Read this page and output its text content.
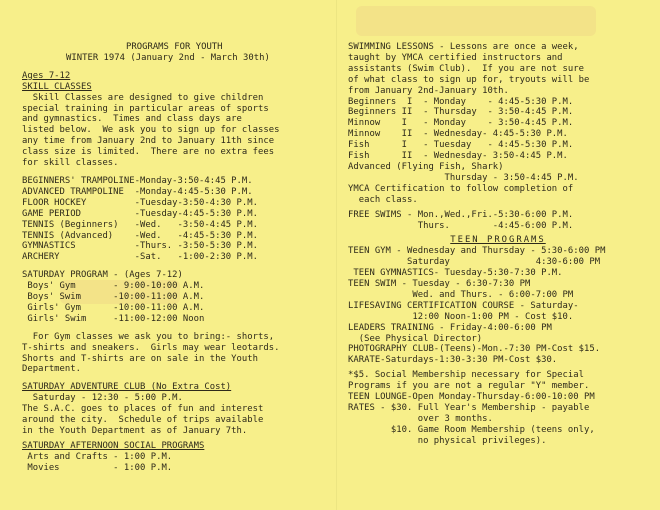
PROGRAMS FOR YOUTH
WINTER 1974 (January 2nd - March 30th)
Ages 7-12
SKILL CLASSES
Skill Classes are designed to give children
special training in particular areas of sports
and gymnastics.  Times and class days are
listed below.  We ask you to sign up for classes
any time from January 2nd to January 11th since
class size is limited.  There are no extra fees
for skill classes.
BEGINNERS' TRAMPOLINE-Monday-3:50-4:45 P.M.
ADVANCED TRAMPOLINE  -Monday-4:45-5:30 P.M.
FLOOR HOCKEY         -Tuesday-3:50-4:30 P.M.
GAME PERIOD          -Tuesday-4:45-5:30 P.M.
TENNIS (Beginners)   -Wed.   -3:50-4:45 P.M.
TENNIS (Advanced)    -Wed.   -4:45-5:30 P.M.
GYMNASTICS           -Thurs. -3:50-5:30 P.M.
ARCHERY              -Sat.   -1:00-2:30 P.M.
SATURDAY PROGRAM - (Ages 7-12)
Boys' Gym       - 9:00-10:00 A.M.
Boys' Swim      -10:00-11:00 A.M.
Girls' Gym      -10:00-11:00 A.M.
Girls' Swim     -11:00-12:00 Noon
For Gym classes we ask you to bring:- shorts,
T-shirts and sneakers.  Girls may wear leotards.
Shorts and T-shirts are on sale in the Youth
Department.
SATURDAY ADVENTURE CLUB (No Extra Cost)
Saturday - 12:30 - 5:00 P.M.
The S.A.C. goes to places of fun and interest
around the city.  Schedule of trips available
in the Youth Department as of January 7th.
SATURDAY AFTERNOON SOCIAL PROGRAMS
Arts and Crafts - 1:00 P.M.
Movies          - 1:00 P.M.
SWIMMING LESSONS - Lessons are once a week,
taught by YMCA certified instructors and
assistants (Swim Club).  If you are not sure
of what class to sign up for, tryouts will be
from January 2nd-January 10th.
Beginners  I  - Monday    - 4:45-5:30 P.M.
Beginners II  - Thursday  - 3:50-4:45 P.M.
Minnow    I   - Monday    - 3:50-4:45 P.M.
Minnow    II  - Wednesday- 4:45-5:30 P.M.
Fish      I   - Tuesday   - 4:45-5:30 P.M.
Fish      II  - Wednesday- 3:50-4:45 P.M.
Advanced (Flying Fish, Shark)
Thursday - 3:50-4:45 P.M.
YMCA Certification to follow completion of
each class.
FREE SWIMS - Mon.,Wed.,Fri.-5:30-6:00 P.M.
Thurs.        -4:45-6:00 P.M.
TEEN PROGRAMS
TEEN GYM - Wednesday and Thursday - 5:30-6:00 PM
Saturday                4:30-6:00 PM
TEEN GYMNASTICS- Tuesday-5:30-7:30 P.M.
TEEN SWIM - Tuesday - 6:30-7:30 PM
Wed. and Thurs. - 6:00-7:00 PM
LIFESAVING CERTIFICATION COURSE - Saturday-
12:00 Noon-1:00 PM - Cost $10.
LEADERS TRAINING - Friday-4:00-6:00 PM
(See Physical Director)
PHOTOGRAPHY CLUB-(Teens)-Mon.-7:30 PM-Cost $15.
KARATE-Saturdays-1:30-3:30 PM-Cost $30.
*$5. Social Membership necessary for Special
Programs if you are not a regular "Y" member.
TEEN LOUNGE-Open Monday-Thursday-6:00-10:00 PM
RATES - $30. Full Year's Membership - payable
over 3 months.
$10. Game Room Membership (teens only,
no physical privileges).
